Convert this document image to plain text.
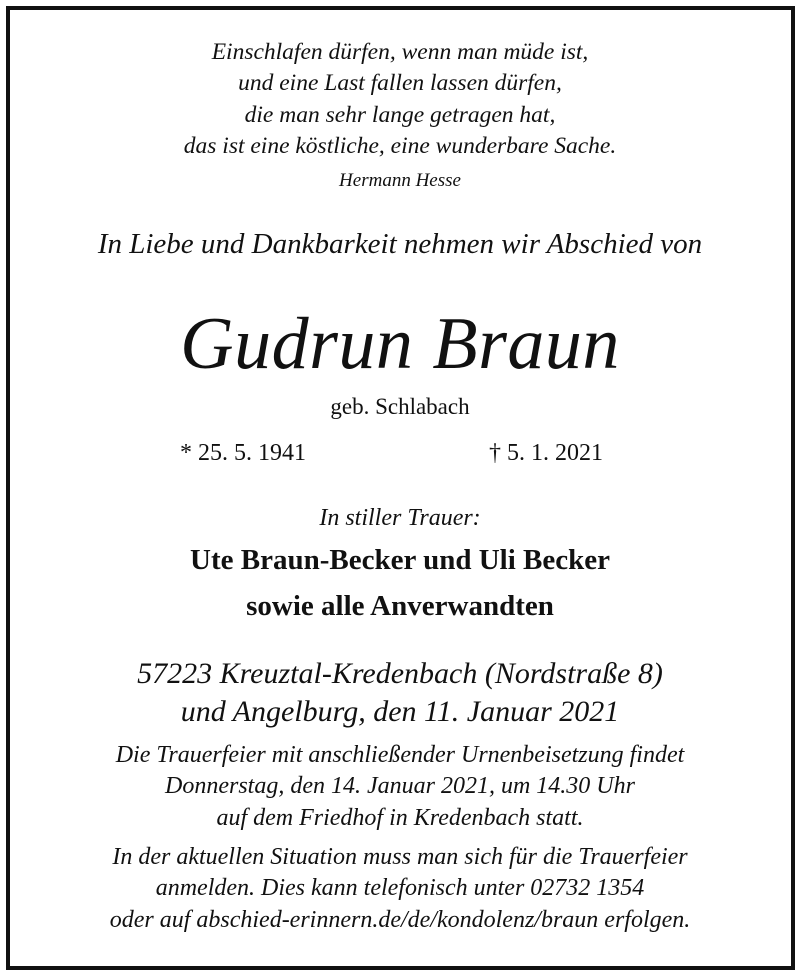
Einschlafen dürfen, wenn man müde ist,
und eine Last fallen lassen dürfen,
die man sehr lange getragen hat,
das ist eine köstliche, eine wunderbare Sache.
Hermann Hesse
In Liebe und Dankbarkeit nehmen wir Abschied von
Gudrun Braun
geb. Schlabach
* 25. 5. 1941	† 5. 1. 2021
In stiller Trauer:
Ute Braun-Becker und Uli Becker
sowie alle Anverwandten
57223 Kreuztal-Kredenbach (Nordstraße 8)
und Angelburg, den 11. Januar 2021
Die Trauerfeier mit anschließender Urnenbeisetzung findet
Donnerstag, den 14. Januar 2021, um 14.30 Uhr
auf dem Friedhof in Kredenbach statt.
In der aktuellen Situation muss man sich für die Trauerfeier
anmelden. Dies kann telefonisch unter 02732 1354
oder auf abschied-erinnern.de/de/kondolenz/braun erfolgen.
